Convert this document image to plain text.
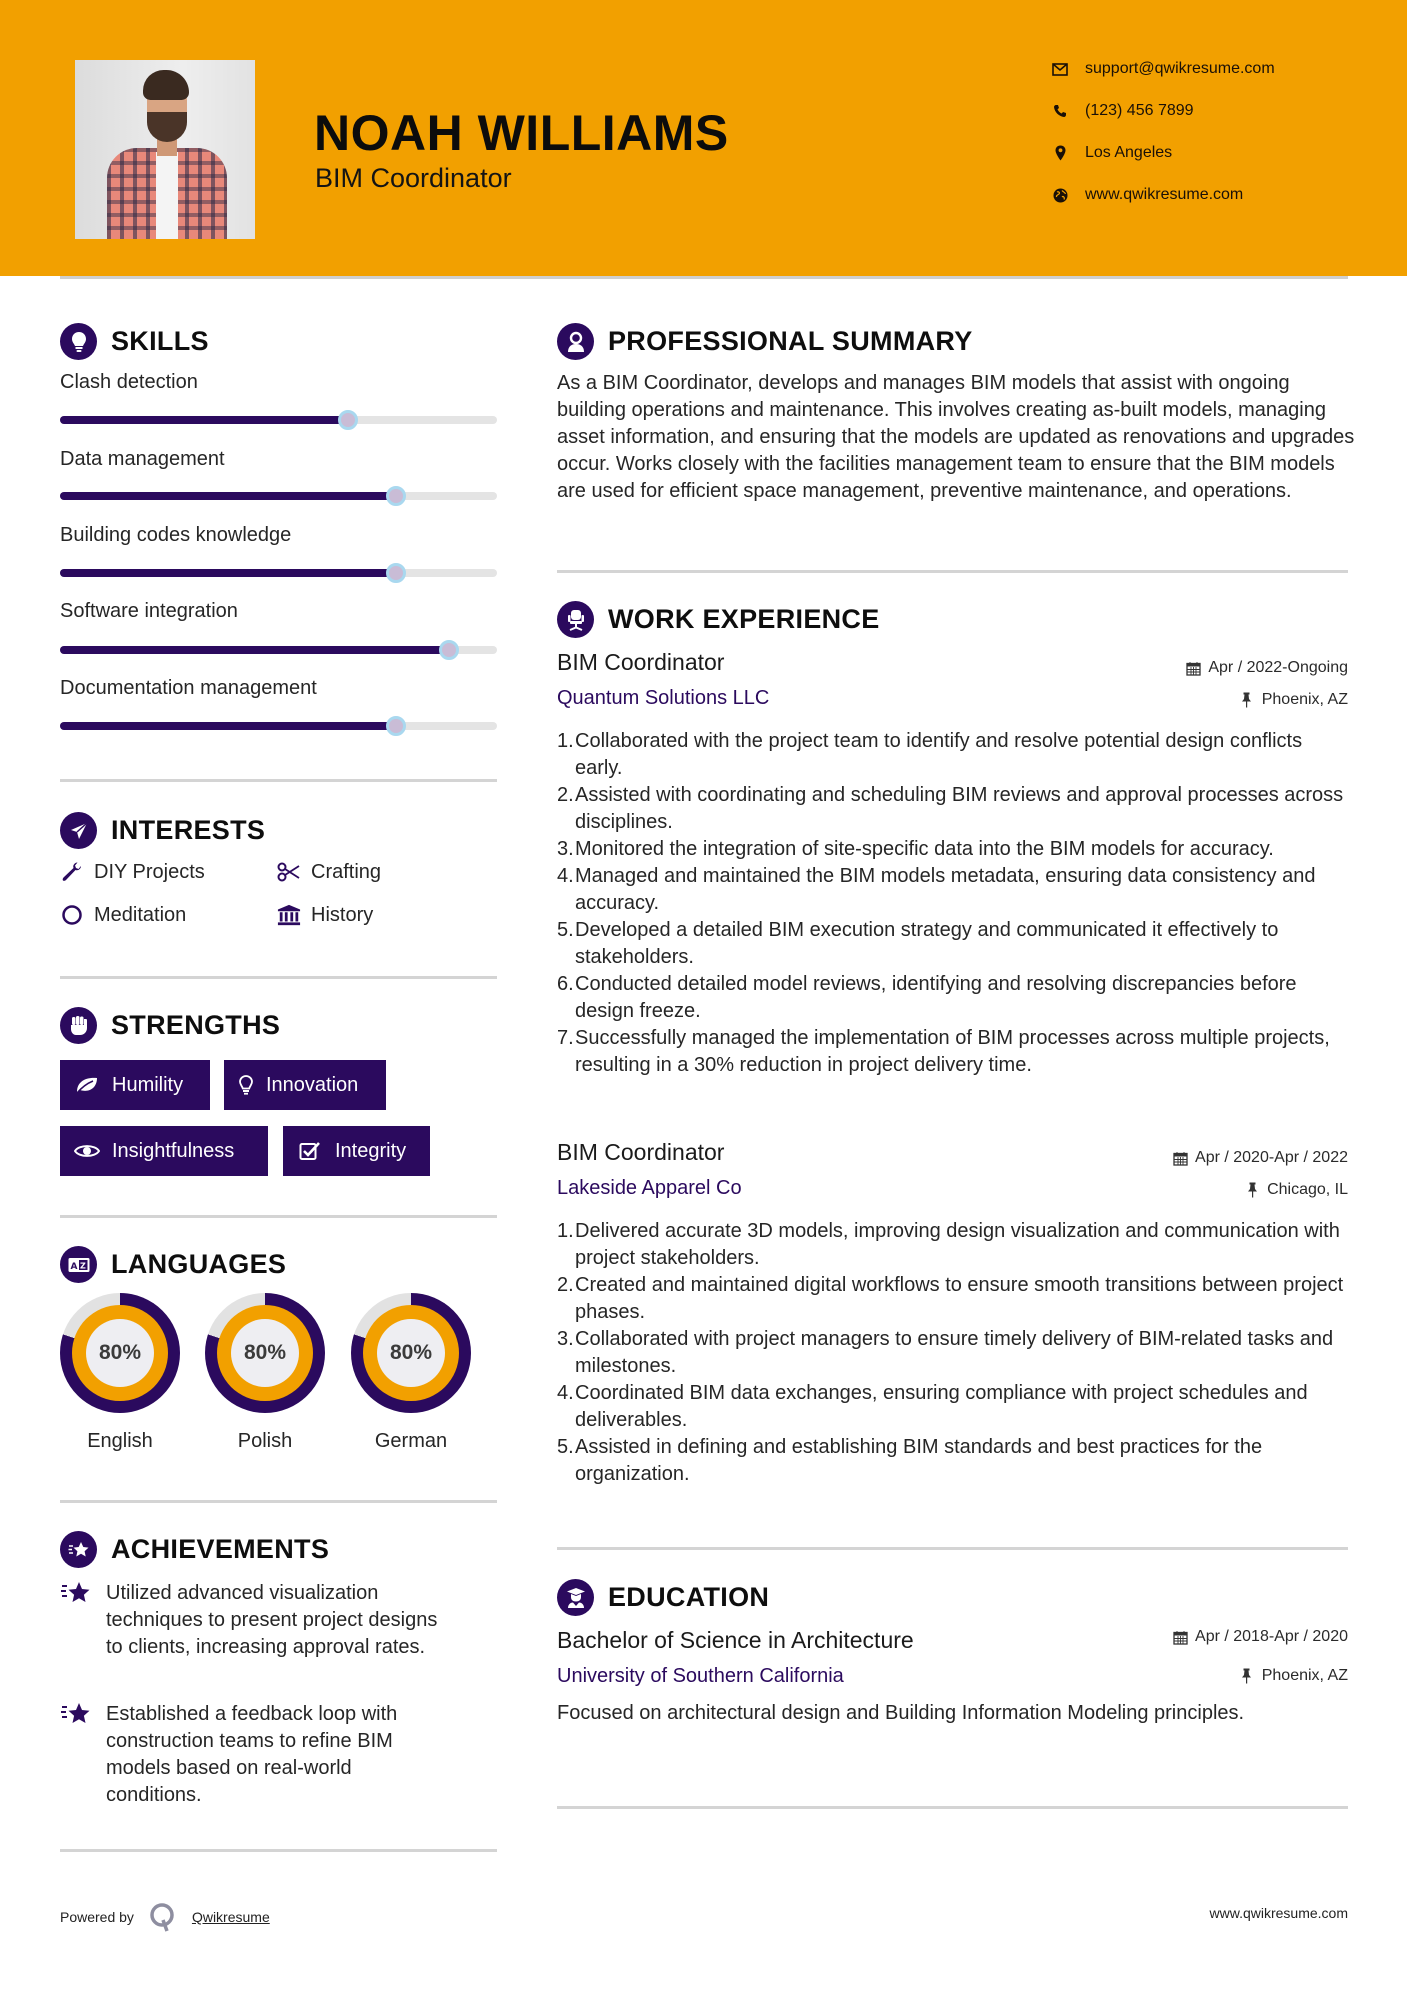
NOAH WILLIAMS
BIM Coordinator
support@qwikresume.com
(123) 456 7899
Los Angeles
www.qwikresume.com
SKILLS
Clash detection
Data management
Building codes knowledge
Software integration
Documentation management
INTERESTS
DIY Projects	Crafting
Meditation	History
STRENGTHS
Humility	Innovation
Insightfulness	Integrity
A Z LANGUAGES
80%
English
80%
Polish
80%
German
ACHIEVEMENTS
Utilized advanced visualization techniques to present project designs to clients, increasing approval rates.
Established a feedback loop with construction teams to refine BIM models based on real-world conditions.
PROFESSIONAL SUMMARY
As a BIM Coordinator, develops and manages BIM models that assist with ongoing building operations and maintenance. This involves creating as-built models, managing asset information, and ensuring that the models are updated as renovations and upgrades occur. Works closely with the facilities management team to ensure that the BIM models are used for efficient space management, preventive maintenance, and operations.
WORK EXPERIENCE
BIM Coordinator	Apr / 2022-Ongoing
Quantum Solutions LLC	Phoenix, AZ
1. Collaborated with the project team to identify and resolve potential design conflicts early.
2. Assisted with coordinating and scheduling BIM reviews and approval processes across disciplines.
3. Monitored the integration of site-specific data into the BIM models for accuracy.
4. Managed and maintained the BIM models metadata, ensuring data consistency and accuracy.
5. Developed a detailed BIM execution strategy and communicated it effectively to stakeholders.
6. Conducted detailed model reviews, identifying and resolving discrepancies before design freeze.
7. Successfully managed the implementation of BIM processes across multiple projects, resulting in a 30% reduction in project delivery time.
BIM Coordinator	Apr / 2020-Apr / 2022
Lakeside Apparel Co	Chicago, IL
1. Delivered accurate 3D models, improving design visualization and communication with project stakeholders.
2. Created and maintained digital workflows to ensure smooth transitions between project phases.
3. Collaborated with project managers to ensure timely delivery of BIM-related tasks and milestones.
4. Coordinated BIM data exchanges, ensuring compliance with project schedules and deliverables.
5. Assisted in defining and establishing BIM standards and best practices for the organization.
EDUCATION
Bachelor of Science in Architecture	Apr / 2018-Apr / 2020
University of Southern California	Phoenix, AZ
Focused on architectural design and Building Information Modeling principles.
Powered by	Qwikresume	www.qwikresume.com
